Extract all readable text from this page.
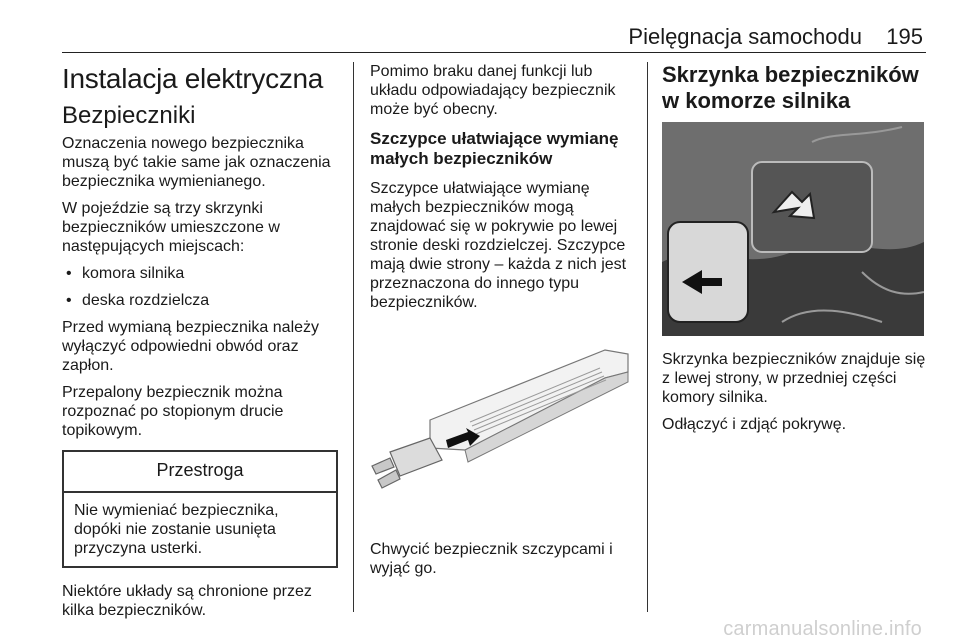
Pielęgnacja samochodu 195
Instalacja elektryczna
Bezpieczniki

Oznaczenia nowego bezpiecznika muszą być takie same jak oznaczenia bezpiecznika wymienianego.

W pojeździe są trzy skrzynki bezpieczników umieszczone w następujących miejscach:

• komora silnika
• deska rozdzielcza

Przed wymianą bezpiecznika należy wyłączyć odpowiedni obwód oraz zapłon.

Przepalony bezpiecznik można rozpoznać po stopionym drucie topikowym.

Przestroga
Nie wymieniać bezpiecznika, dopóki nie zostanie usunięta przyczyna usterki.

Niektóre układy są chronione przez kilka bezpieczników.

Pomimo braku danej funkcji lub układu odpowiadający bezpiecznik może być obecny.

Szczypce ułatwiające wymianę małych bezpieczników

Szczypce ułatwiające wymianę małych bezpieczników mogą znajdować się w pokrywie po lewej stronie deski rozdzielczej. Szczypce mają dwie strony – każda z nich jest przeznaczona do innego typu bezpieczników.

Chwycić bezpiecznik szczypcami i wyjąć go.

Skrzynka bezpieczników w komorze silnika

Skrzynka bezpieczników znajduje się z lewej strony, w przedniej części komory silnika.

Odłączyć i zdjąć pokrywę.

carmanualsonline.info
